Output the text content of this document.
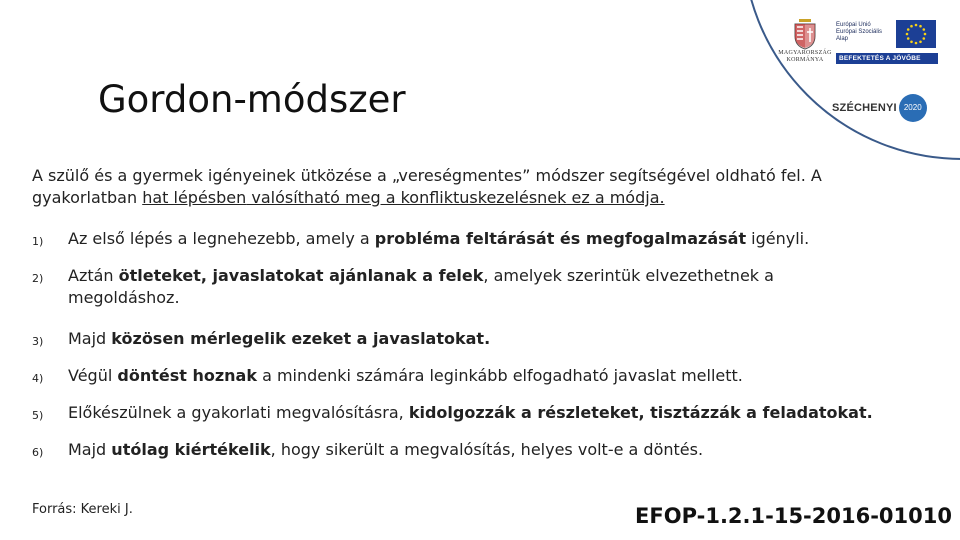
Gordon-módszer
MAGYARORSZÁG
KORMÁNYA
Európai Unió
Európai Szociális
Alap
BEFEKTETÉS A JÖVŐBE
SZÉCHENYI 2020

A szülő és a gyermek igényeinek ütközése a „vereségmentes” módszer segítségével oldható fel. A gyakorlatban hat lépésben valósítható meg a konfliktuskezelésnek ez a módja.

1)	Az első lépés a legnehezebb, amely a probléma feltárását és megfogalmazását igényli.
2)	Aztán ötleteket, javaslatokat ajánlanak a felek, amelyek szerintük elvezethetnek a megoldáshoz.
3)	Majd közösen mérlegelik ezeket a javaslatokat.
4)	Végül döntést hoznak a mindenki számára leginkább elfogadható javaslat mellett.
5)	Előkészülnek a gyakorlati megvalósításra, kidolgozzák a részleteket, tisztázzák a feladatokat.
6)	Majd utólag kiértékelik, hogy sikerült a megvalósítás, helyes volt-e a döntés.

Forrás: Kereki J.	EFOP-1.2.1-15-2016-01010
